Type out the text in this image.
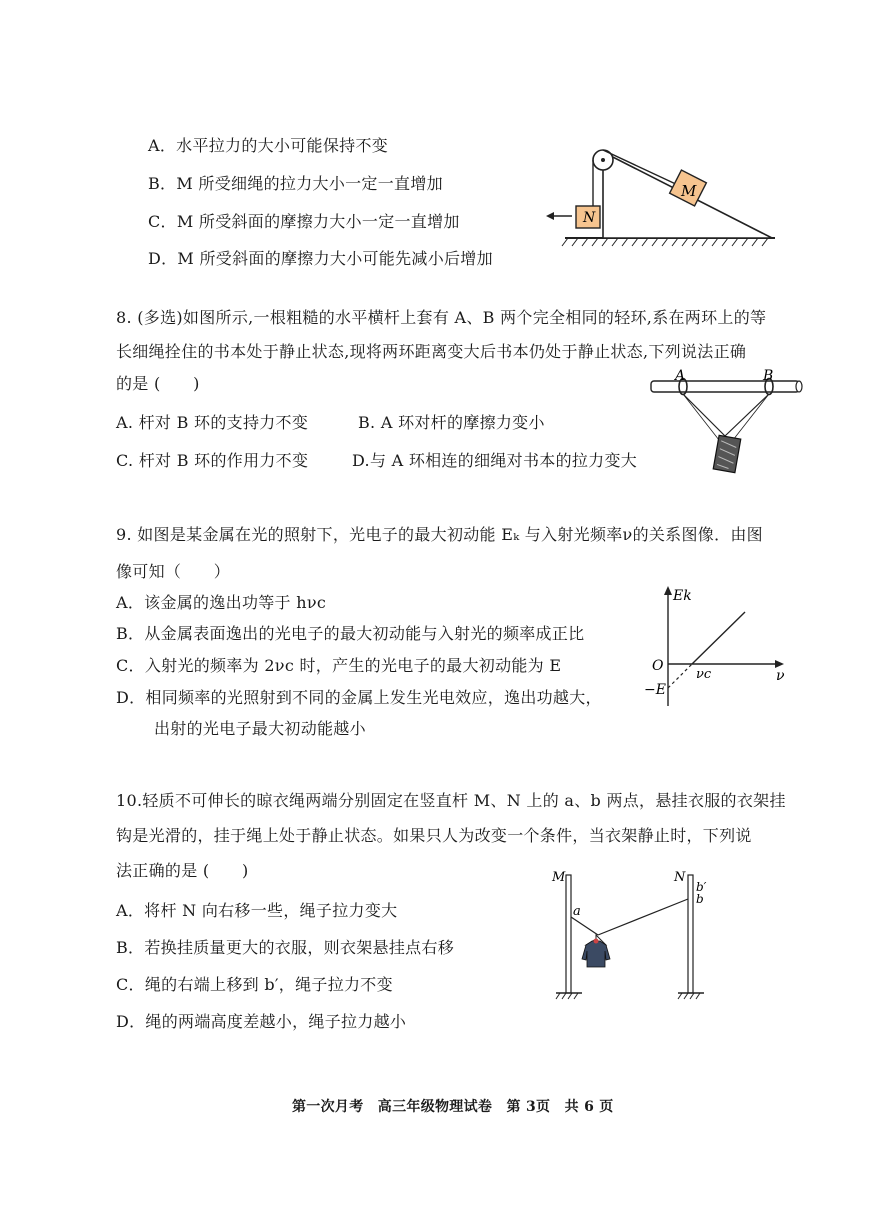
A．水平拉力的大小可能保持不变
B．M 所受细绳的拉力大小一定一直增加
C．M 所受斜面的摩擦力大小一定一直增加
D．M 所受斜面的摩擦力大小可能先减小后增加
M
N
8. (多选)如图所示,一根粗糙的水平横杆上套有 A、B 两个完全相同的轻环,系在两环上的等
长细绳拴住的书本处于静止状态,现将两环距离变大后书本仍处于静止状态,下列说法正确
的是 (　　)
A. 杆对 B 环的支持力不变	B. A 环对杆的摩擦力变小
C. 杆对 B 环的作用力不变	D.与 A 环相连的细绳对书本的拉力变大
A	B
9. 如图是某金属在光的照射下，光电子的最大初动能 Eₖ 与入射光频率ν的关系图像．由图
像可知（　　）
A．该金属的逸出功等于 hνc
B．从金属表面逸出的光电子的最大初动能与入射光的频率成正比
C．入射光的频率为 2νc 时，产生的光电子的最大初动能为 E
D．相同频率的光照射到不同的金属上发生光电效应，逸出功越大，
出射的光电子最大初动能越小
Ek
ν
O
−E
νc
10.轻质不可伸长的晾衣绳两端分别固定在竖直杆 M、N 上的 a、b 两点，悬挂衣服的衣架挂
钩是光滑的，挂于绳上处于静止状态。如果只人为改变一个条件，当衣架静止时，下列说
法正确的是 (　　)
A．将杆 N 向右移一些，绳子拉力变大
B．若换挂质量更大的衣服，则衣架悬挂点右移
C．绳的右端上移到 b′，绳子拉力不变
D．绳的两端高度差越小，绳子拉力越小
M	N
a
b′
b
第一次月考　高三年级物理试卷　第 3页　共 6 页
